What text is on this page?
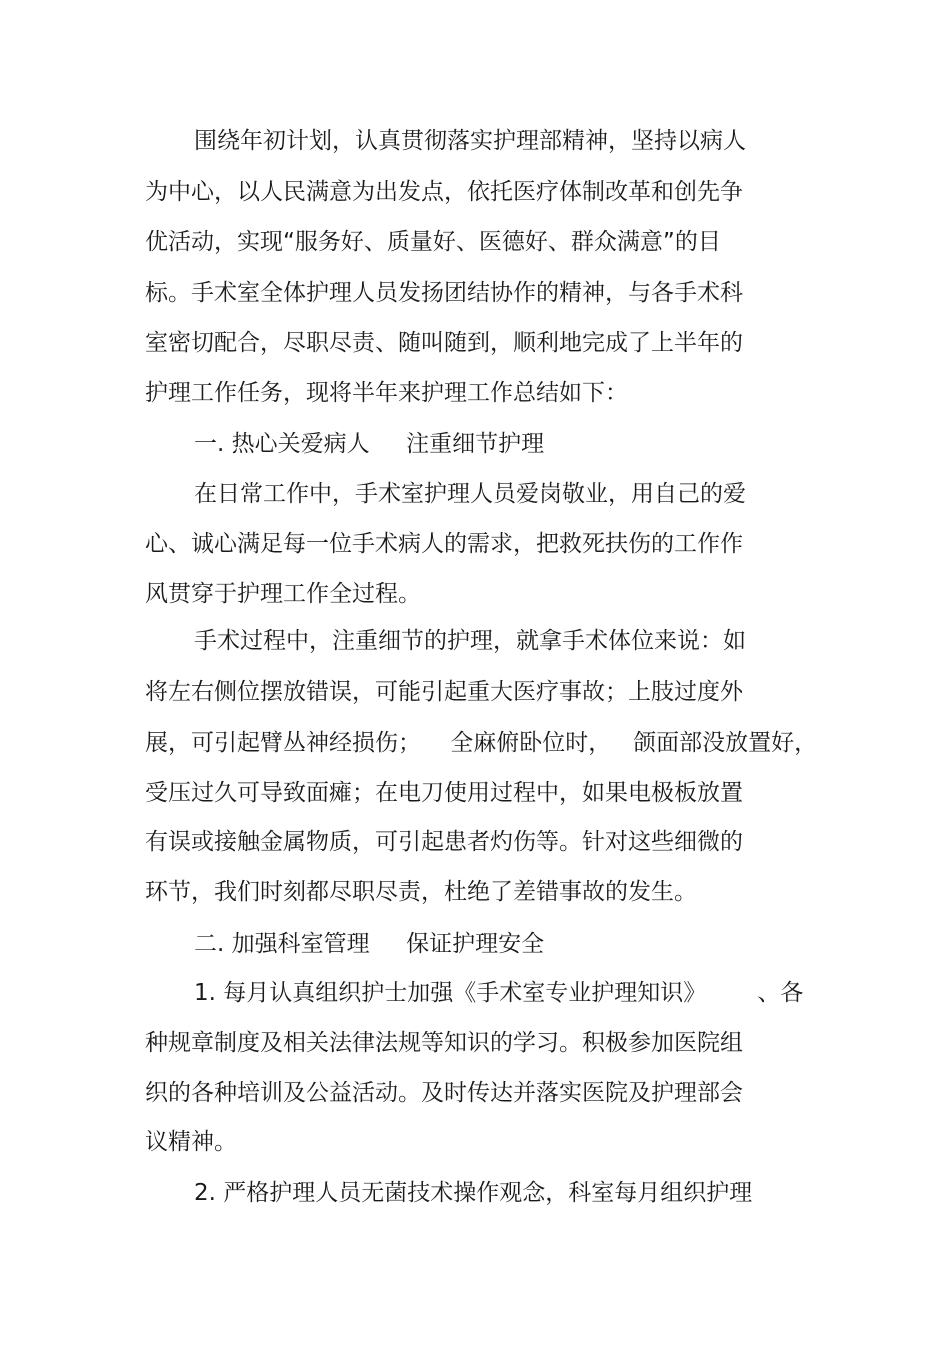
围绕年初计划，认真贯彻落实护理部精神，坚持以病人
为中心，以人民满意为出发点，依托医疗体制改革和创先争
优活动，实现“服务好、质量好、医德好、群众满意”的目
标。手术室全体护理人员发扬团结协作的精神，与各手术科
室密切配合，尽职尽责、随叫随到，顺利地完成了上半年的
护理工作任务，现将半年来护理工作总结如下：
一. 热心关爱病人     注重细节护理
在日常工作中，手术室护理人员爱岗敬业，用自己的爱
心、诚心满足每一位手术病人的需求，把救死扶伤的工作作
风贯穿于护理工作全过程。
手术过程中，注重细节的护理，就拿手术体位来说：如
将左右侧位摆放错误，可能引起重大医疗事故；上肢过度外
展，可引起臂丛神经损伤；    全麻俯卧位时，   颌面部没放置好，
受压过久可导致面瘫；在电刀使用过程中，如果电极板放置
有误或接触金属物质，可引起患者灼伤等。针对这些细微的
环节，我们时刻都尽职尽责，杜绝了差错事故的发生。
二. 加强科室管理     保证护理安全
1. 每月认真组织护士加强《手术室专业护理知识》       、各
种规章制度及相关法律法规等知识的学习。积极参加医院组
织的各种培训及公益活动。及时传达并落实医院及护理部会
议精神。
2. 严格护理人员无菌技术操作观念，科室每月组织护理
